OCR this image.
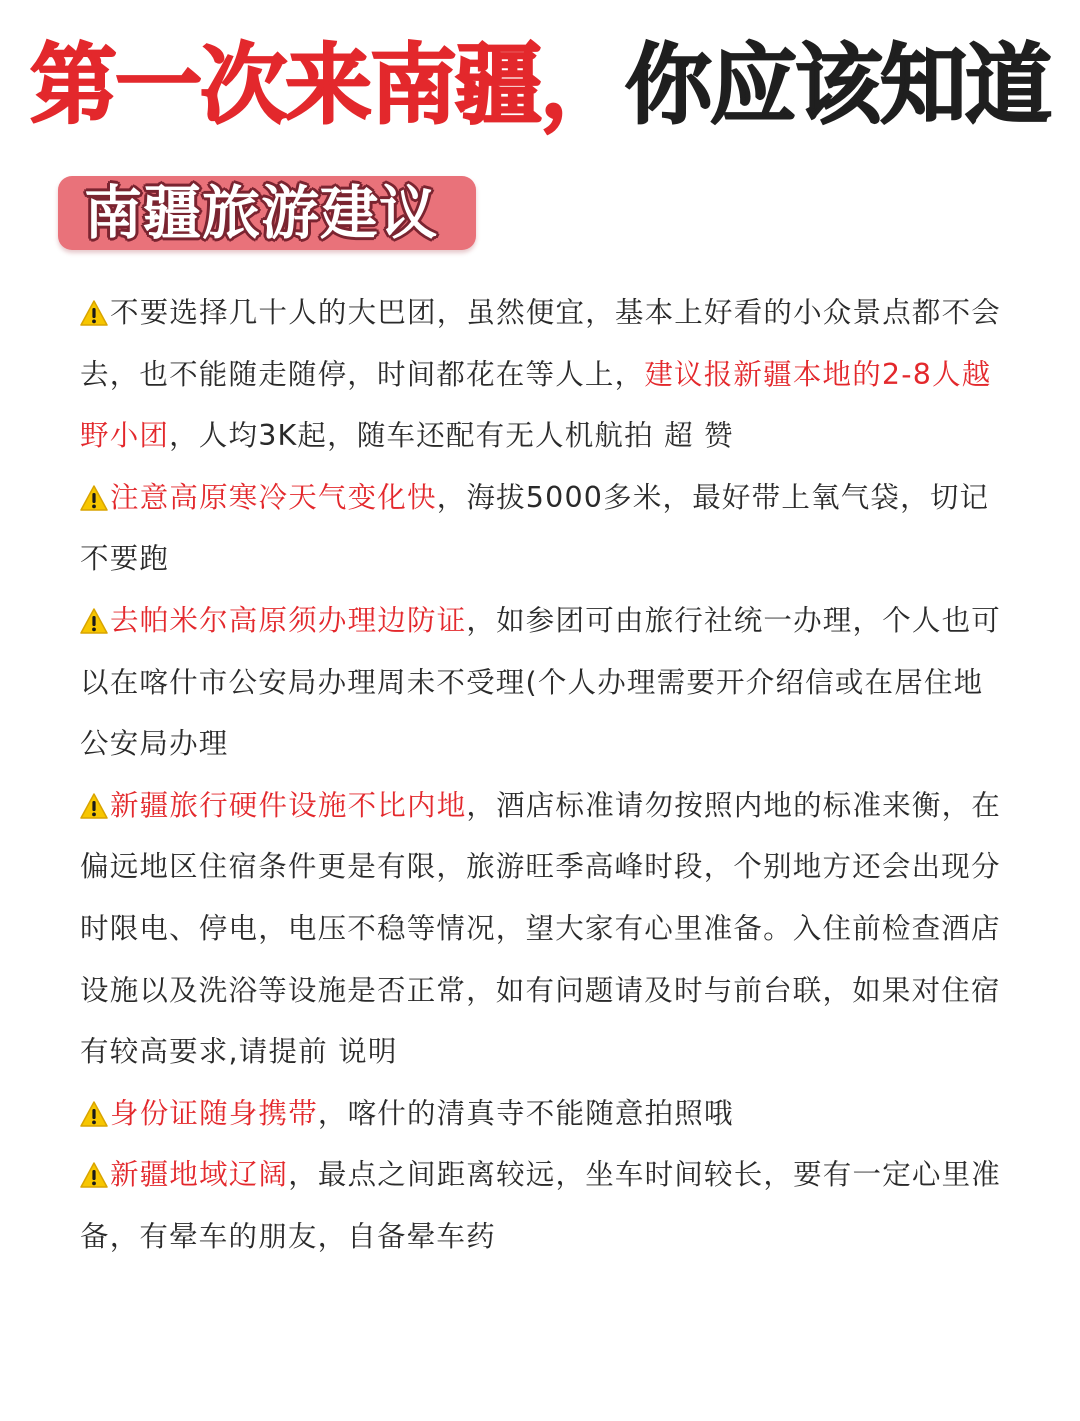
第一次来南疆，你应该知道
南疆旅游建议

不要选择几十人的大巴团，虽然便宜，基本上好看的小众景点都不会去，也不能随走随停，时间都花在等人上，建议报新疆本地的2-8人越野小团，人均3K起，随车还配有无人机航拍 超 赞

注意高原寒冷天气变化快，海拔5000多米，最好带上氧气袋，切记不要跑

去帕米尔高原须办理边防证，如参团可由旅行社统一办理，个人也可以在喀什市公安局办理周未不受理(个人办理需要开介绍信或在居住地公安局办理

新疆旅行硬件设施不比内地，酒店标准请勿按照内地的标准来衡，在偏远地区住宿条件更是有限，旅游旺季高峰时段，个别地方还会出现分时限电、停电，电压不稳等情况，望大家有心里准备。入住前检查酒店设施以及洗浴等设施是否正常，如有问题请及时与前台联，如果对住宿有较高要求,请提前 说明

身份证随身携带，喀什的清真寺不能随意拍照哦

新疆地域辽阔，最点之间距离较远，坐车时间较长，要有一定心里准备，有晕车的朋友，自备晕车药
